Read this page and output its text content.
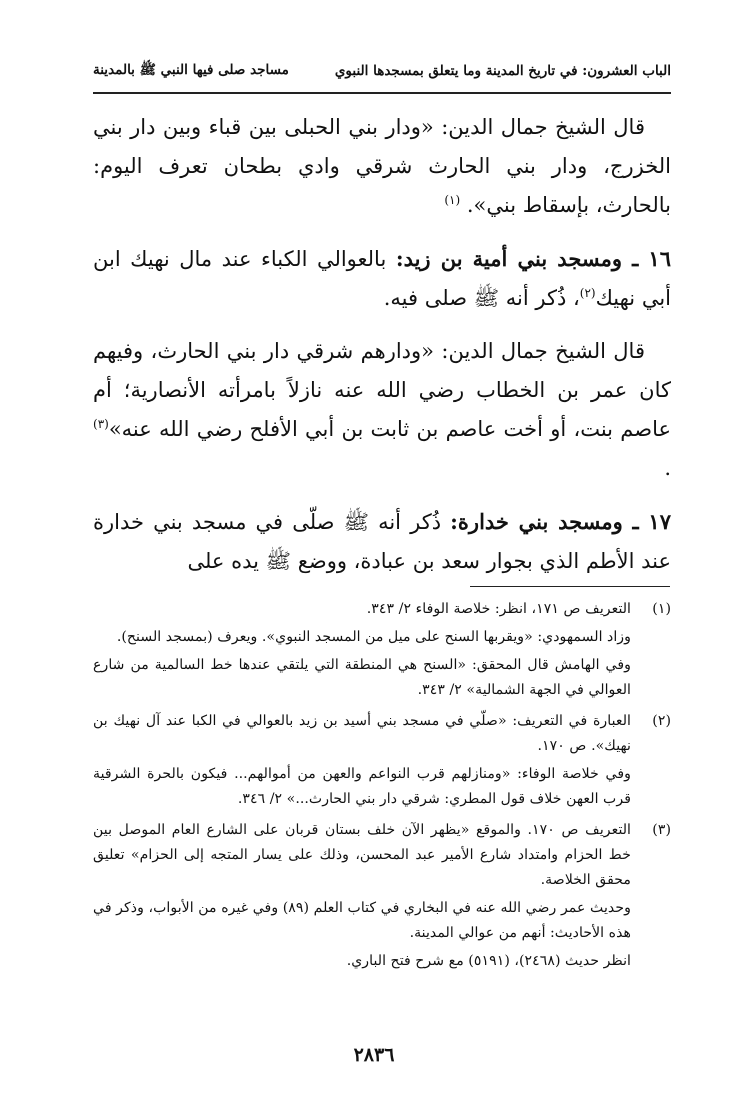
الباب العشرون: في تاريخ المدينة وما يتعلق بمسجدها النبوي
مساجد صلى فيها النبي ﷺ بالمدينة

قال الشيخ جمال الدين: «ودار بني الحبلى بين قباء وبين دار بني الخزرج، ودار بني الحارث شرقي وادي بطحان تعرف اليوم: بالحارث، بإسقاط بني». $^{(١)}$

١٦ ـ ومسجد بني أمية بن زيد: بالعوالي الكباء عند مال نهيك ابن أبي نهيك$^{(٢)}$، ذُكر أنه ﷺ صلى فيه.

قال الشيخ جمال الدين: «ودارهم شرقي دار بني الحارث، وفيهم كان عمر بن الخطاب رضي الله عنه نازلاً بامرأته الأنصارية؛ أم عاصم بنت، أو أخت عاصم بن ثابت بن أبي الأفلح رضي الله عنه»$^{(٣)}$ .

١٧ ـ ومسجد بني خدارة: ذُكر أنه ﷺ صلّى في مسجد بني خدارة عند الأطم الذي بجوار سعد بن عبادة، ووضع ﷺ يده على

(١)

التعريف ص ١٧١، انظر: خلاصة الوفاء ٢/ ٣٤٣.

وزاد السمهودي: «ويقربها السنح على ميل من المسجد النبوي». ويعرف (بمسجد السنح).

وفي الهامش قال المحقق: «السنح هي المنطقة التي يلتقي عندها خط السالمية من شارع العوالي في الجهة الشمالية» ٢/ ٣٤٣.

(٢)

العبارة في التعريف: «صلّي في مسجد بني أسيد بن زيد بالعوالي في الكبا عند آل نهيك بن نهيك». ص ١٧٠.

وفي خلاصة الوفاء: «ومنازلهم قرب النواعم والعهن من أموالهم... فيكون بالحرة الشرقية قرب العهن خلاف قول المطري: شرقي دار بني الحارث...» ٢/ ٣٤٦.

(٣)

التعريف ص ١٧٠. والموقع «يظهر الآن خلف بستان قربان على الشارع العام الموصل بين خط الحزام وامتداد شارع الأمير عبد المحسن، وذلك على يسار المتجه إلى الحزام» تعليق محقق الخلاصة.

وحديث عمر رضي الله عنه في البخاري في كتاب العلم (٨٩) وفي غيره من الأبواب، وذكر في هذه الأحاديث: أنهم من عوالي المدينة.

انظر حديث (٢٤٦٨)، (٥١٩١) مع شرح فتح الباري.

٢٨٣٦
